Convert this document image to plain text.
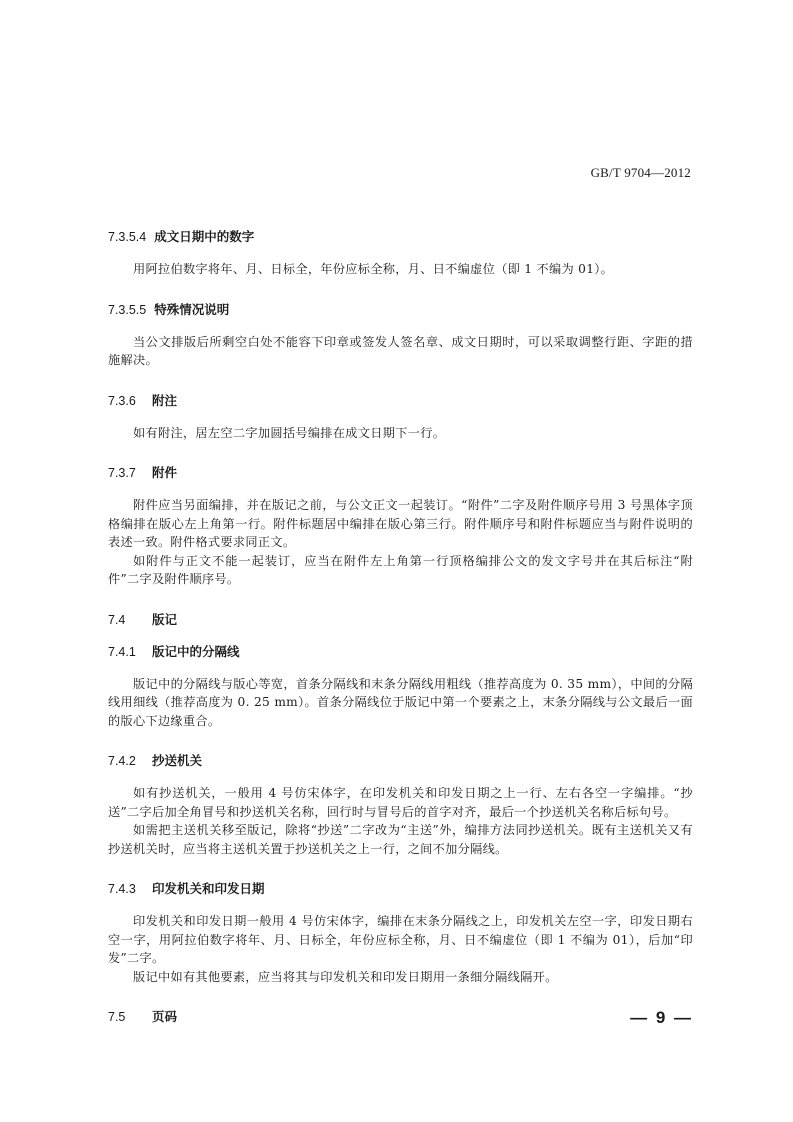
GB/T 9704—2012
7.3.5.4 成文日期中的数字

用阿拉伯数字将年、月、日标全，年份应标全称，月、日不编虚位（即 1 不编为 01）。

7.3.5.5 特殊情况说明

当公文排版后所剩空白处不能容下印章或签发人签名章、成文日期时，可以采取调整行距、字距的措施解决。

7.3.6	附注

如有附注，居左空二字加圆括号编排在成文日期下一行。

7.3.7	附件

附件应当另面编排，并在版记之前，与公文正文一起装订。“附件”二字及附件顺序号用 3 号黑体字顶格编排在版心左上角第一行。附件标题居中编排在版心第三行。附件顺序号和附件标题应当与附件说明的表述一致。附件格式要求同正文。

如附件与正文不能一起装订，应当在附件左上角第一行顶格编排公文的发文字号并在其后标注“附件”二字及附件顺序号。

7.4	版记
7.4.1	版记中的分隔线

版记中的分隔线与版心等宽，首条分隔线和末条分隔线用粗线（推荐高度为 0. 35 mm），中间的分隔线用细线（推荐高度为 0. 25 mm）。首条分隔线位于版记中第一个要素之上，末条分隔线与公文最后一面的版心下边缘重合。

7.4.2	抄送机关

如有抄送机关，一般用 4 号仿宋体字，在印发机关和印发日期之上一行、左右各空一字编排。“抄送”二字后加全角冒号和抄送机关名称，回行时与冒号后的首字对齐，最后一个抄送机关名称后标句号。

如需把主送机关移至版记，除将“抄送”二字改为“主送”外，编排方法同抄送机关。既有主送机关又有抄送机关时，应当将主送机关置于抄送机关之上一行，之间不加分隔线。

7.4.3	印发机关和印发日期

印发机关和印发日期一般用 4 号仿宋体字，编排在末条分隔线之上，印发机关左空一字，印发日期右空一字，用阿拉伯数字将年、月、日标全，年份应标全称，月、日不编虚位（即 1 不编为 01），后加“印发”二字。

版记中如有其他要素，应当将其与印发机关和印发日期用一条细分隔线隔开。

7.5	页码	— 9 —
